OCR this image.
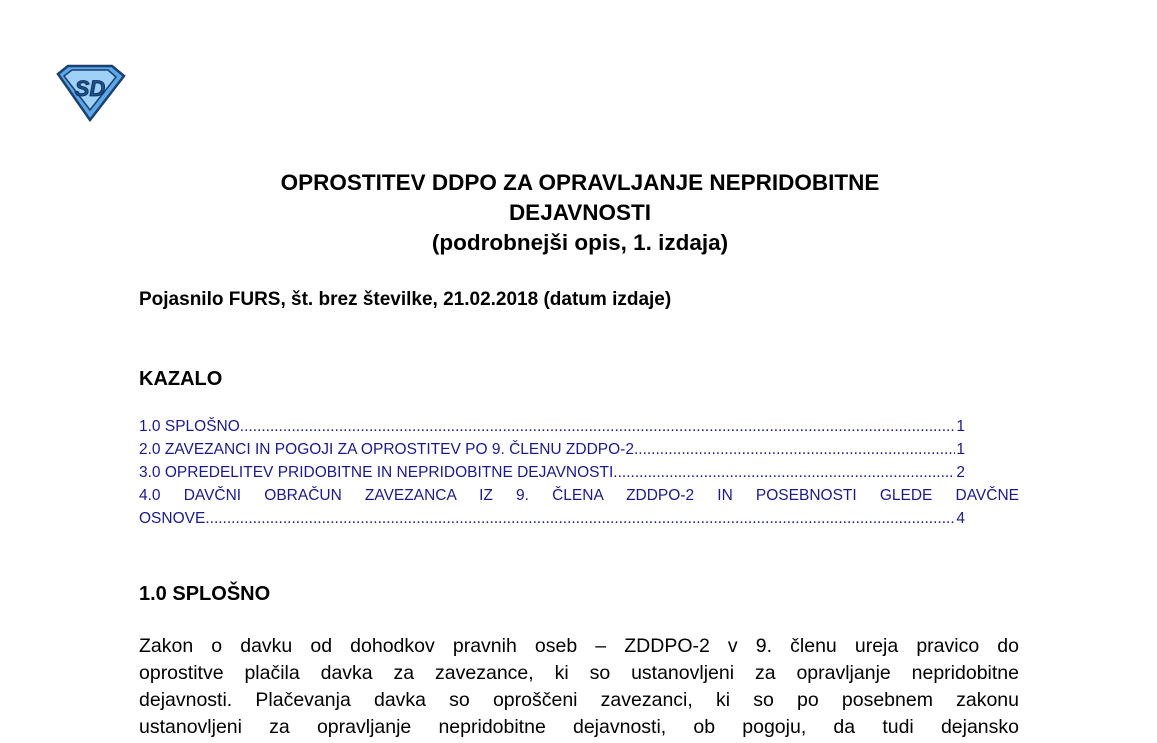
SD
OPROSTITEV DDPO ZA OPRAVLJANJE NEPRIDOBITNE
DEJAVNOSTI
(podrobnejši opis, 1. izdaja)
Pojasnilo FURS, št. brez številke, 21.02.2018 (datum izdaje)
KAZALO
1.0 SPLOŠNO .....	1
2.0 ZAVEZANCI IN POGOJI ZA OPROSTITEV PO 9. ČLENU ZDDPO-2 .....	1
3.0 OPREDELITEV PRIDOBITNE IN NEPRIDOBITNE DEJAVNOSTI .....	2
4.0 DAVČNI OBRAČUN ZAVEZANCA IZ 9. ČLENA ZDDPO-2 IN POSEBNOSTI GLEDE DAVČNE
OSNOVE .....	4
1.0 SPLOŠNO
Zakon o davku od dohodkov pravnih oseb – ZDDPO-2 v 9. členu ureja pravico do
oprostitve plačila davka za zavezance, ki so ustanovljeni za opravljanje nepridobitne
dejavnosti. Plačevanja davka so oproščeni zavezanci, ki so po posebnem zakonu
ustanovljeni za opravljanje nepridobitne dejavnosti, ob pogoju, da tudi dejansko
